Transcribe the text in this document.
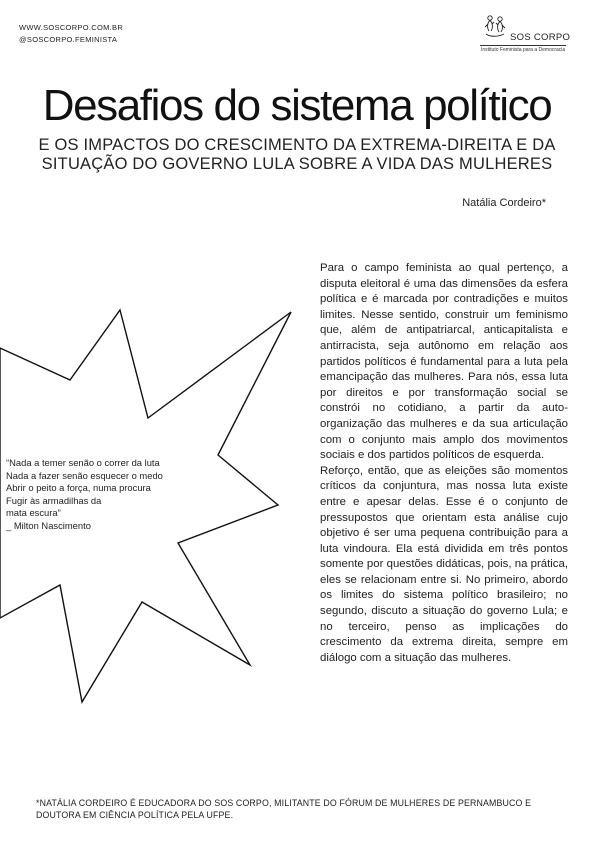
WWW.SOSCORPO.COM.BR
@SOSCORPO.FEMINISTA	SOS CORPO
Instituto Feminista para a Democracia
Desafios do sistema político
E OS IMPACTOS DO CRESCIMENTO DA EXTREMA-DIREITA E DA SITUAÇÃO DO GOVERNO LULA SOBRE A VIDA DAS MULHERES
Natália Cordeiro*
“Nada a temer senão o correr da luta
Nada a fazer senão esquecer o medo
Abrir o peito a força, numa procura
Fugir às armadilhas da
mata escura”
_ Milton Nascimento

Para o campo feminista ao qual pertenço, a disputa eleitoral é uma das dimensões da esfera política e é marcada por contradições e muitos limites. Nesse sentido, construir um feminismo que, além de antipatriarcal, anticapitalista e antirracista, seja autônomo em relação aos partidos políticos é fundamental para a luta pela emancipação das mulheres. Para nós, essa luta por direitos e por transformação social se constrói no cotidiano, a partir da auto-organização das mulheres e da sua articulação com o conjunto mais amplo dos movimentos sociais e dos partidos políticos de esquerda.

Reforço, então, que as eleições são momentos críticos da conjuntura, mas nossa luta existe entre e apesar delas. Esse é o conjunto de pressupostos que orientam esta análise cujo objetivo é ser uma pequena contribuição para a luta vindoura. Ela está dividida em três pontos somente por questões didáticas, pois, na prática, eles se relacionam entre si. No primeiro, abordo os limites do sistema político brasileiro; no segundo, discuto a situação do governo Lula; e no terceiro, penso as implicações do crescimento da extrema direita, sempre em diálogo com a situação das mulheres.

*NATÁLIA CORDEIRO É EDUCADORA DO SOS CORPO, MILITANTE DO FÓRUM DE MULHERES DE PERNAMBUCO E DOUTORA EM CIÊNCIA POLÍTICA PELA UFPE.
